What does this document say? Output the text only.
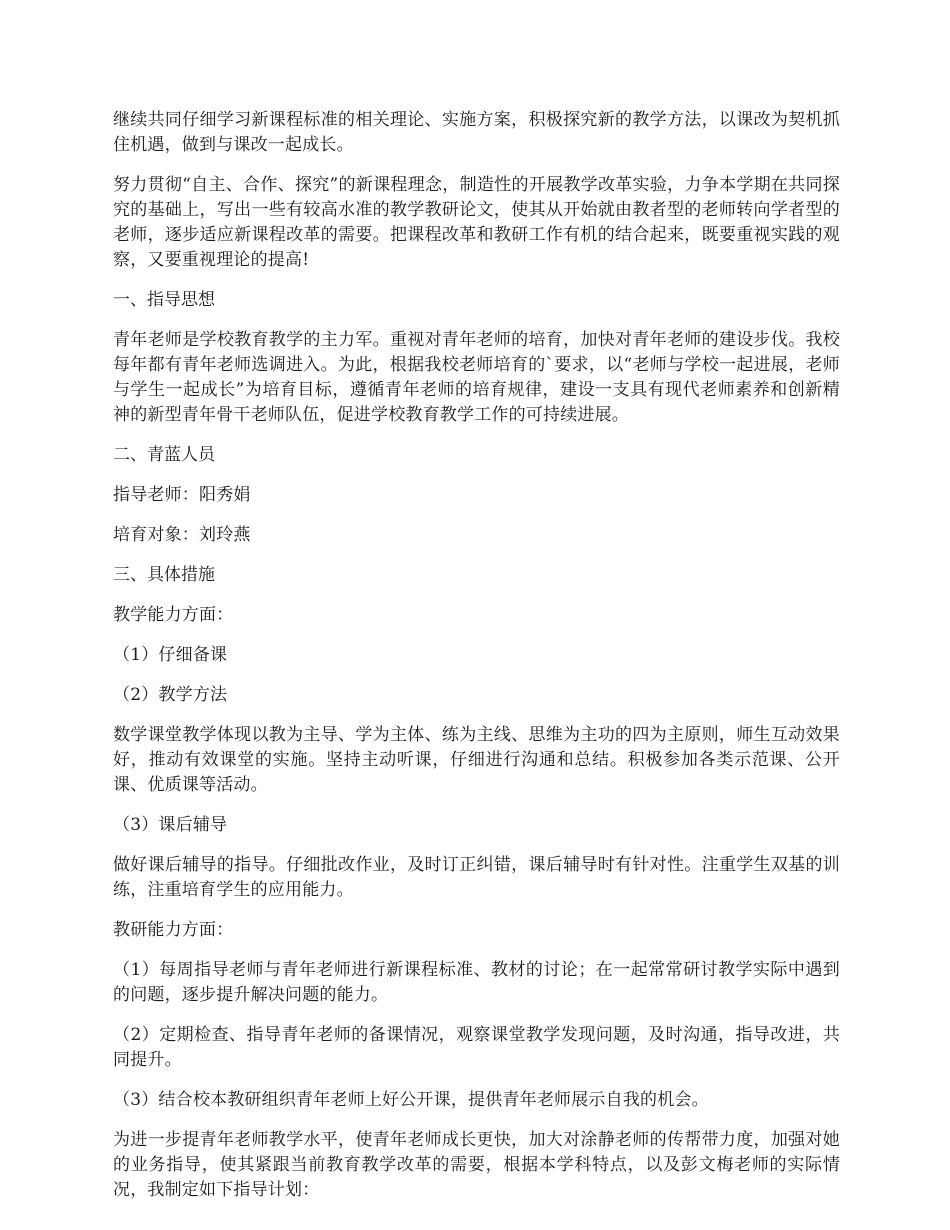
继续共同仔细学习新课程标准的相关理论、实施方案，积极探究新的教学方法，以课改为契机抓住机遇，做到与课改一起成长。

努力贯彻“自主、合作、探究”的新课程理念，制造性的开展教学改革实验，力争本学期在共同探究的基础上，写出一些有较高水准的教学教研论文，使其从开始就由教者型的老师转向学者型的老师，逐步适应新课程改革的需要。把课程改革和教研工作有机的结合起来，既要重视实践的观察，又要重视理论的提高!

一、指导思想

青年老师是学校教育教学的主力军。重视对青年老师的培育，加快对青年老师的建设步伐。我校每年都有青年老师选调进入。为此，根据我校老师培育的`要求，以“老师与学校一起进展，老师与学生一起成长”为培育目标，遵循青年老师的培育规律，建设一支具有现代老师素养和创新精神的新型青年骨干老师队伍，促进学校教育教学工作的可持续进展。

二、青蓝人员

指导老师：阳秀娟

培育对象：刘玲燕

三、具体措施

教学能力方面：

（1）仔细备课

（2）教学方法

数学课堂教学体现以教为主导、学为主体、练为主线、思维为主功的四为主原则，师生互动效果好，推动有效课堂的实施。坚持主动听课，仔细进行沟通和总结。积极参加各类示范课、公开课、优质课等活动。

（3）课后辅导

做好课后辅导的指导。仔细批改作业，及时订正纠错，课后辅导时有针对性。注重学生双基的训练，注重培育学生的应用能力。

教研能力方面：

（1）每周指导老师与青年老师进行新课程标准、教材的讨论；在一起常常研讨教学实际中遇到的问题，逐步提升解决问题的能力。

（2）定期检查、指导青年老师的备课情况，观察课堂教学发现问题，及时沟通，指导改进，共同提升。

（3）结合校本教研组织青年老师上好公开课，提供青年老师展示自我的机会。

为进一步提青年老师教学水平，使青年老师成长更快，加大对涂静老师的传帮带力度，加强对她的业务指导，使其紧跟当前教育教学改革的需要，根据本学科特点，以及彭文梅老师的实际情况，我制定如下指导计划：
